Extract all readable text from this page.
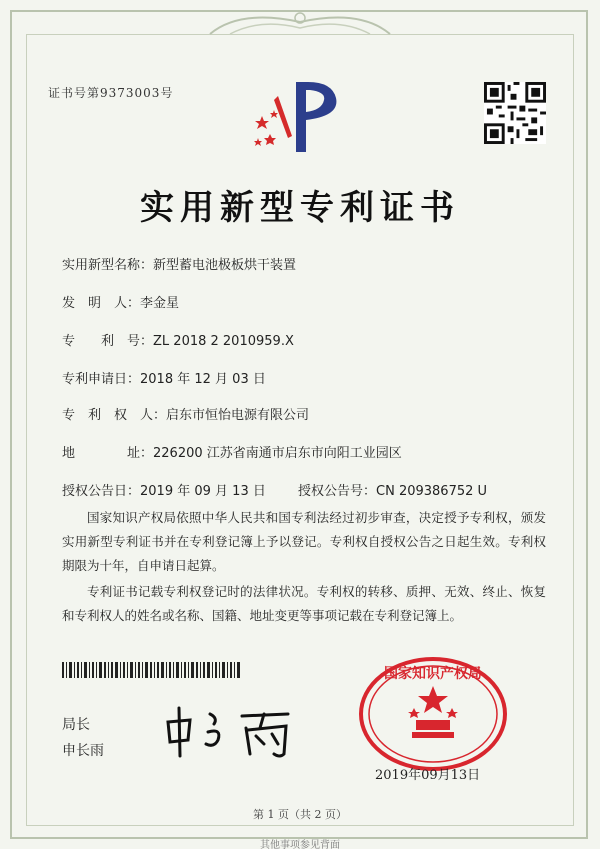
证书号第9373003号
实用新型专利证书
实用新型名称：新型蓄电池极板烘干装置
发　明　人：李金星
专　　利　号：ZL 2018 2 2010959.X
专利申请日：2018 年 12 月 03 日
专　利　权　人：启东市恒怡电源有限公司
地　　　　址：226200 江苏省南通市启东市向阳工业园区
授权公告日：2019 年 09 月 13 日 授权公告号：CN 209386752 U
国家知识产权局依照中华人民共和国专利法经过初步审查，决定授予专利权，颁发实用新型专利证书并在专利登记簿上予以登记。专利权自授权公告之日起生效。专利权期限为十年，自申请日起算。
专利证书记载专利权登记时的法律状况。专利权的转移、质押、无效、终止、恢复和专利权人的姓名或名称、国籍、地址变更等事项记载在专利登记簿上。
局长
申长雨
国家知识产权局
2019年09月13日
第 1 页（共 2 页）
其他事项参见背面
